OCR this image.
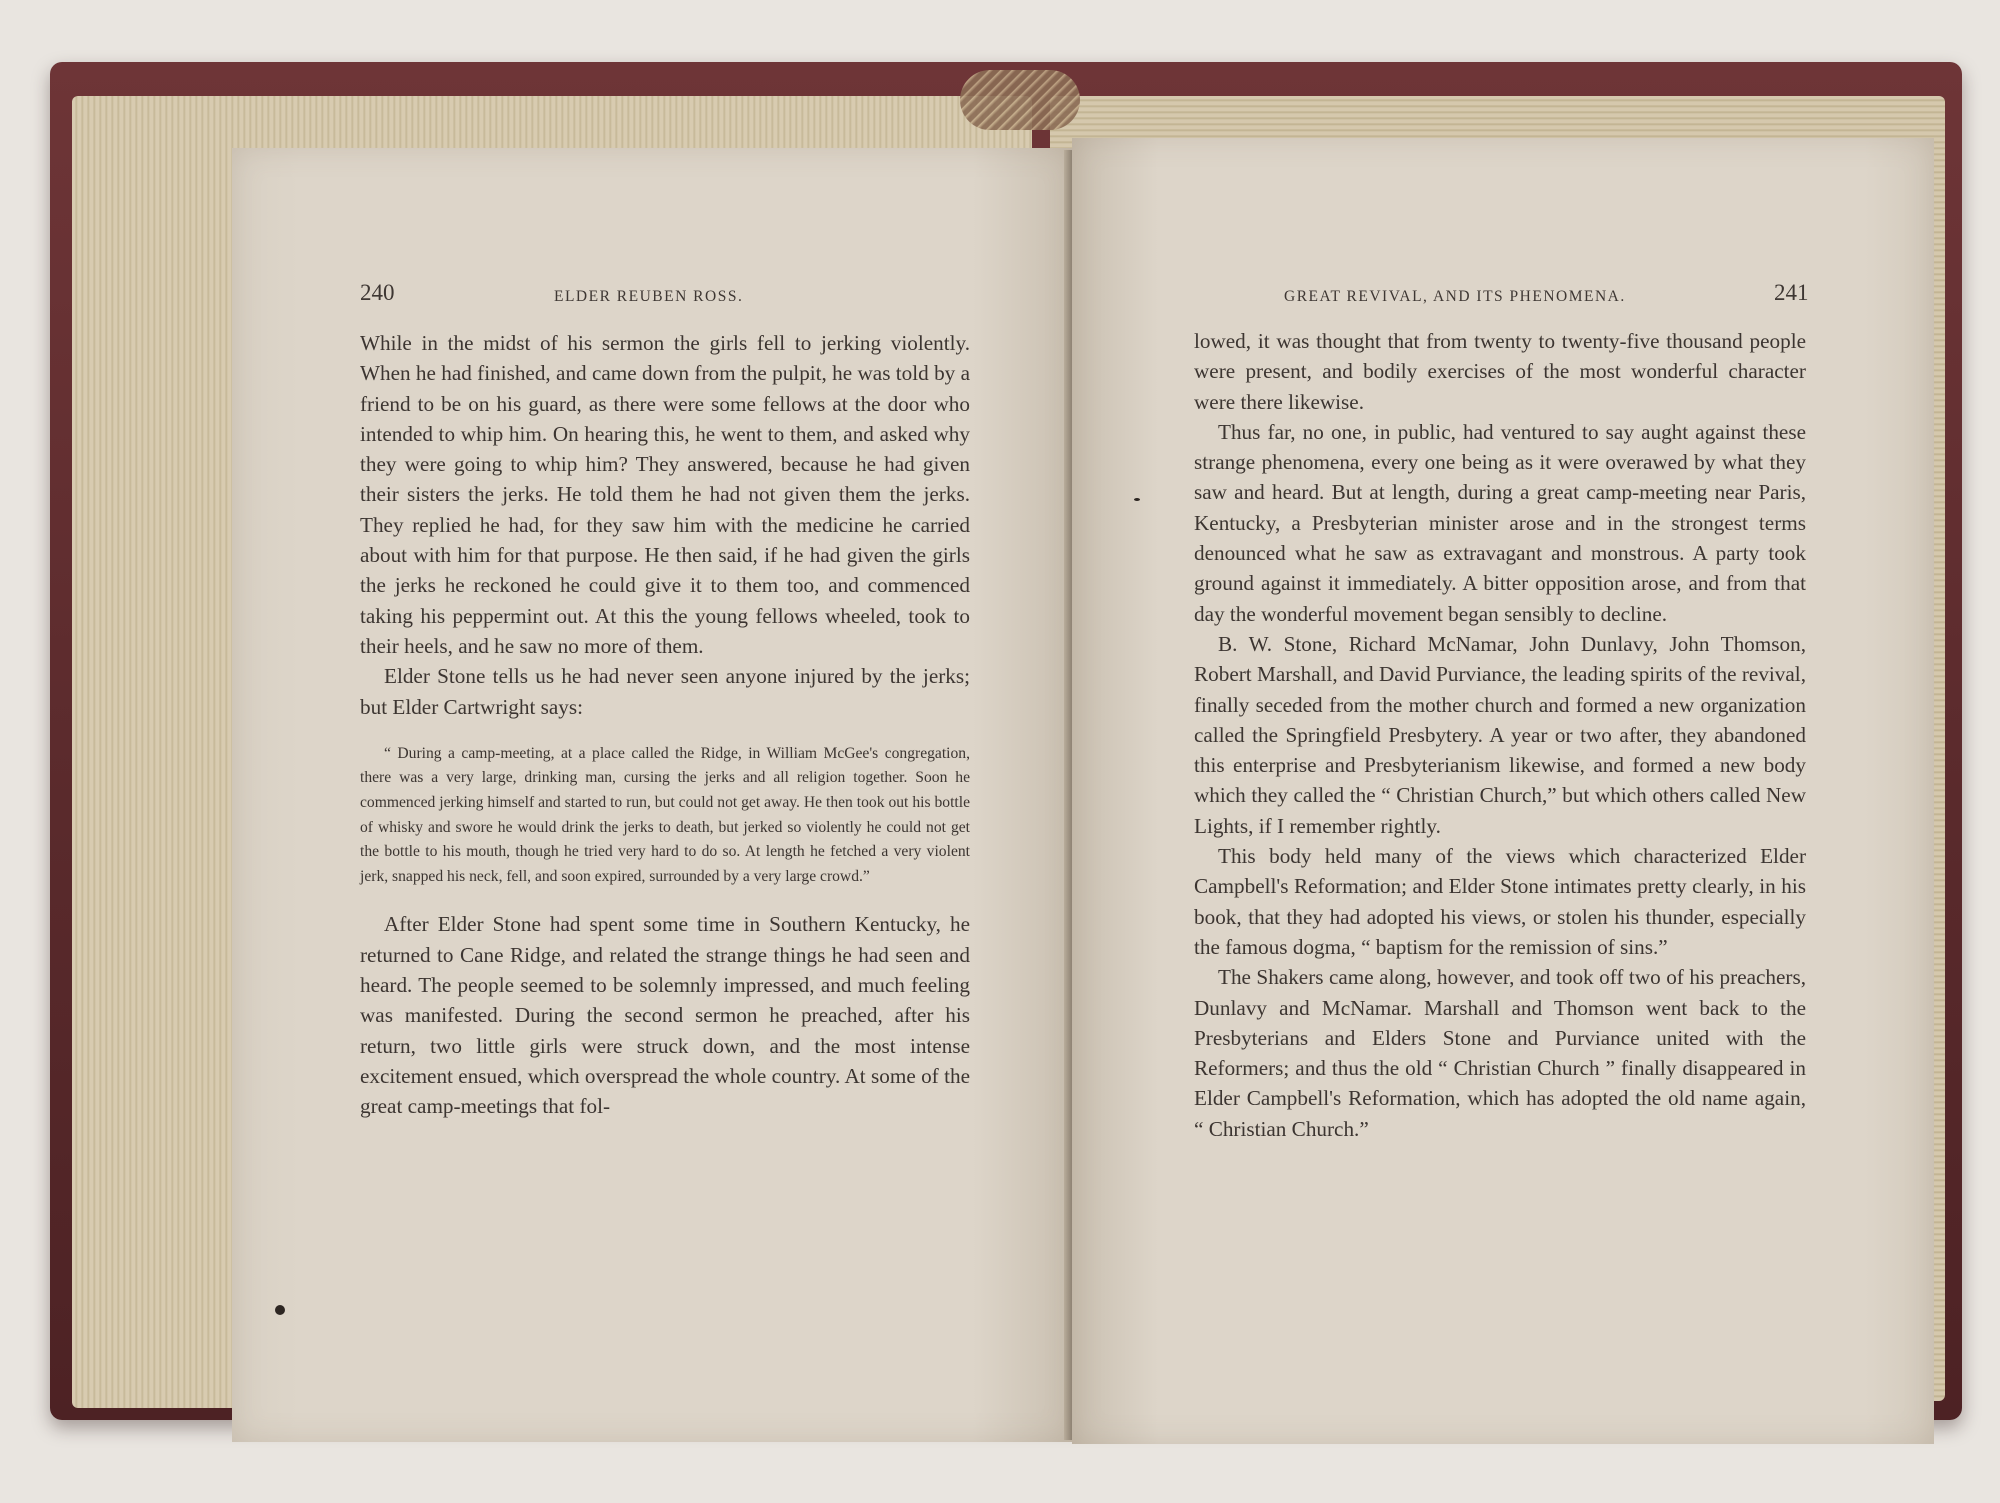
240	ELDER REUBEN ROSS.

While in the midst of his sermon the girls fell to jerking violently. When he had finished, and came down from the pulpit, he was told by a friend to be on his guard, as there were some fellows at the door who intended to whip him. On hearing this, he went to them, and asked why they were going to whip him? They answered, because he had given their sisters the jerks. He told them he had not given them the jerks. They replied he had, for they saw him with the medicine he carried about with him for that purpose. He then said, if he had given the girls the jerks he reckoned he could give it to them too, and commenced taking his peppermint out. At this the young fellows wheeled, took to their heels, and he saw no more of them.

Elder Stone tells us he had never seen anyone injured by the jerks; but Elder Cartwright says:

“ During a camp-meeting, at a place called the Ridge, in William McGee's congregation, there was a very large, drinking man, cursing the jerks and all religion together. Soon he commenced jerking himself and started to run, but could not get away. He then took out his bottle of whisky and swore he would drink the jerks to death, but jerked so violently he could not get the bottle to his mouth, though he tried very hard to do so. At length he fetched a very violent jerk, snapped his neck, fell, and soon expired, surrounded by a very large crowd.”

After Elder Stone had spent some time in Southern Kentucky, he returned to Cane Ridge, and related the strange things he had seen and heard. The people seemed to be solemnly impressed, and much feeling was manifested. During the second sermon he preached, after his return, two little girls were struck down, and the most intense excitement ensued, which overspread the whole country. At some of the great camp-meetings that fol-

GREAT REVIVAL, AND ITS PHENOMENA.	241

lowed, it was thought that from twenty to twenty-five thousand people were present, and bodily exercises of the most wonderful character were there likewise.

Thus far, no one, in public, had ventured to say aught against these strange phenomena, every one being as it were overawed by what they saw and heard. But at length, during a great camp-meeting near Paris, Kentucky, a Presbyterian minister arose and in the strongest terms denounced what he saw as extravagant and monstrous. A party took ground against it immediately. A bitter opposition arose, and from that day the wonderful movement began sensibly to decline.

B. W. Stone, Richard McNamar, John Dunlavy, John Thomson, Robert Marshall, and David Purviance, the leading spirits of the revival, finally seceded from the mother church and formed a new organization called the Springfield Presbytery. A year or two after, they abandoned this enterprise and Presbyterianism likewise, and formed a new body which they called the “ Christian Church,” but which others called New Lights, if I remember rightly.

This body held many of the views which characterized Elder Campbell's Reformation; and Elder Stone intimates pretty clearly, in his book, that they had adopted his views, or stolen his thunder, especially the famous dogma, “ baptism for the remission of sins.”

The Shakers came along, however, and took off two of his preachers, Dunlavy and McNamar. Marshall and Thomson went back to the Presbyterians and Elders Stone and Purviance united with the Reformers; and thus the old “ Christian Church ” finally disappeared in Elder Campbell's Reformation, which has adopted the old name again, “ Christian Church.”
